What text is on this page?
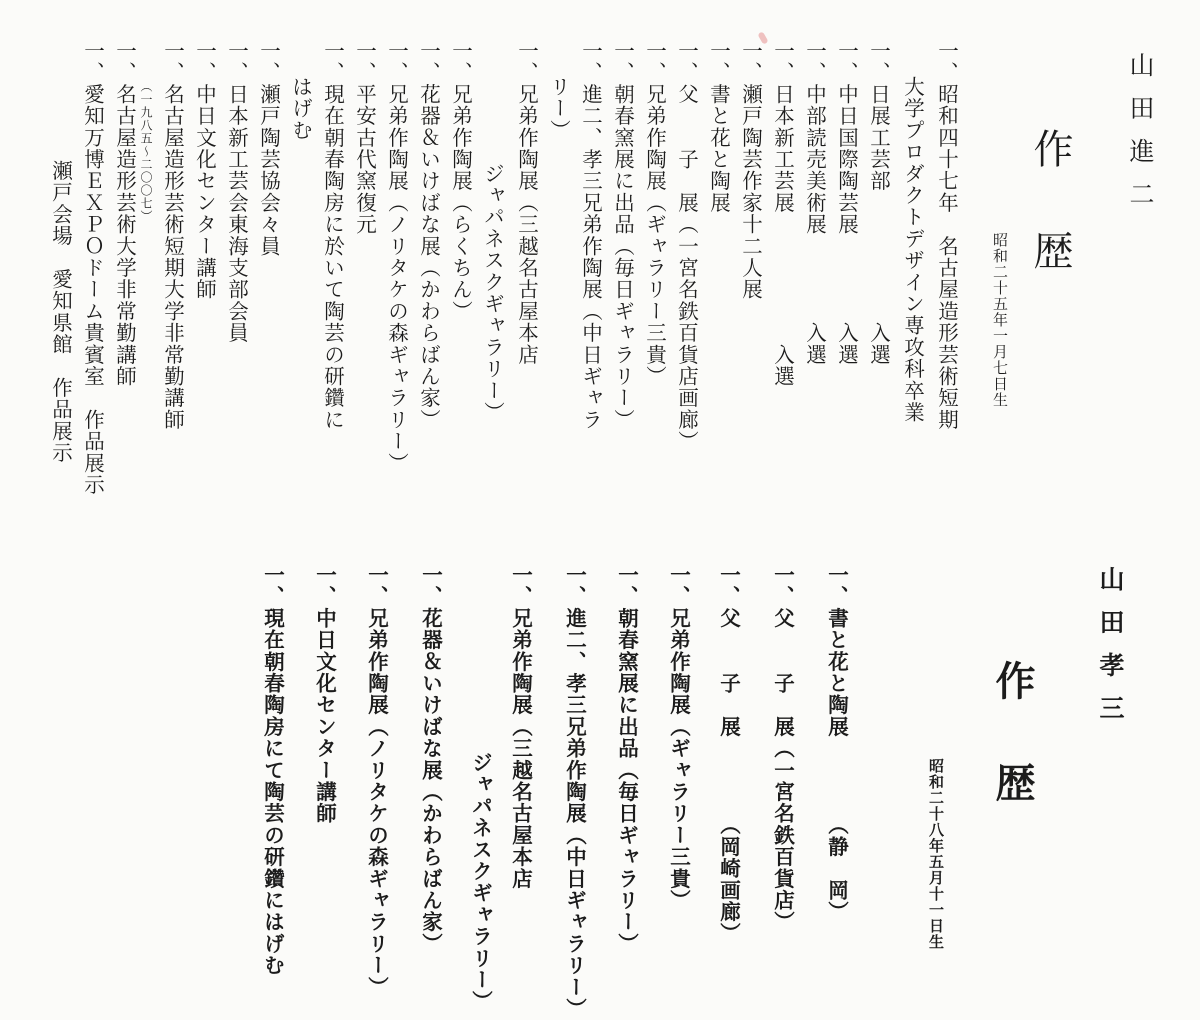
山田進二
作歴
昭和二十五年一月七日生
一、昭和四十七年　名古屋造形芸術短期
大学プロダクトデザイン専攻科卒業
一、日展工芸部　　　　　　入選
一、中日国際陶芸展　　　　入選
一、中部読売美術展　　　　入選
一、日本新工芸展　　　　　　入選
一、瀬戸陶芸作家十二人展
一、書と花と陶展
一、父　　子　展（一宮名鉄百貨店画廊）
一、兄弟作陶展（ギャラリー三貴）
一、朝春窯展に出品（毎日ギャラリー）
一、進二、孝三兄弟作陶展（中日ギャラ
リー）
一、兄弟作陶展（三越名古屋本店
　　　　ジャパネスクギャラリー）
一、兄弟作陶展（らくちん）
一、花器＆いけばな展（かわらばん家）
一、兄弟作陶展（ノリタケの森ギャラリー）
一、平安古代窯復元
一、現在朝春陶房に於いて陶芸の研鑽に
はげむ
一、瀬戸陶芸協会々員
一、日本新工芸会東海支部会員
一、中日文化センター講師
一、名古屋造形芸術短期大学非常勤講師
（一九八五～二〇〇七）
一、名古屋造形芸術大学非常勤講師
一、愛知万博ＥＸＰＯドーム貴賓室　作品展示
瀬戸会場　愛知県館　作品展示
山田孝三
作歴
昭和二十八年五月十一日生
一、書と花と陶展　　　　（静　岡）
一、父　　子　展（一宮名鉄百貨店）
一、父　　子　展　　　　（岡崎画廊）
一、兄弟作陶展（ギャラリー三貴）
一、朝春窯展に出品（毎日ギャラリー）
一、進二、孝三兄弟作陶展（中日ギャラリー）
一、兄弟作陶展（三越名古屋本店
ジャパネスクギャラリー）
一、花器＆いけばな展（かわらばん家）
一、兄弟作陶展（ノリタケの森ギャラリー）
一、中日文化センター講師
一、現在朝春陶房にて陶芸の研鑽にはげむ
